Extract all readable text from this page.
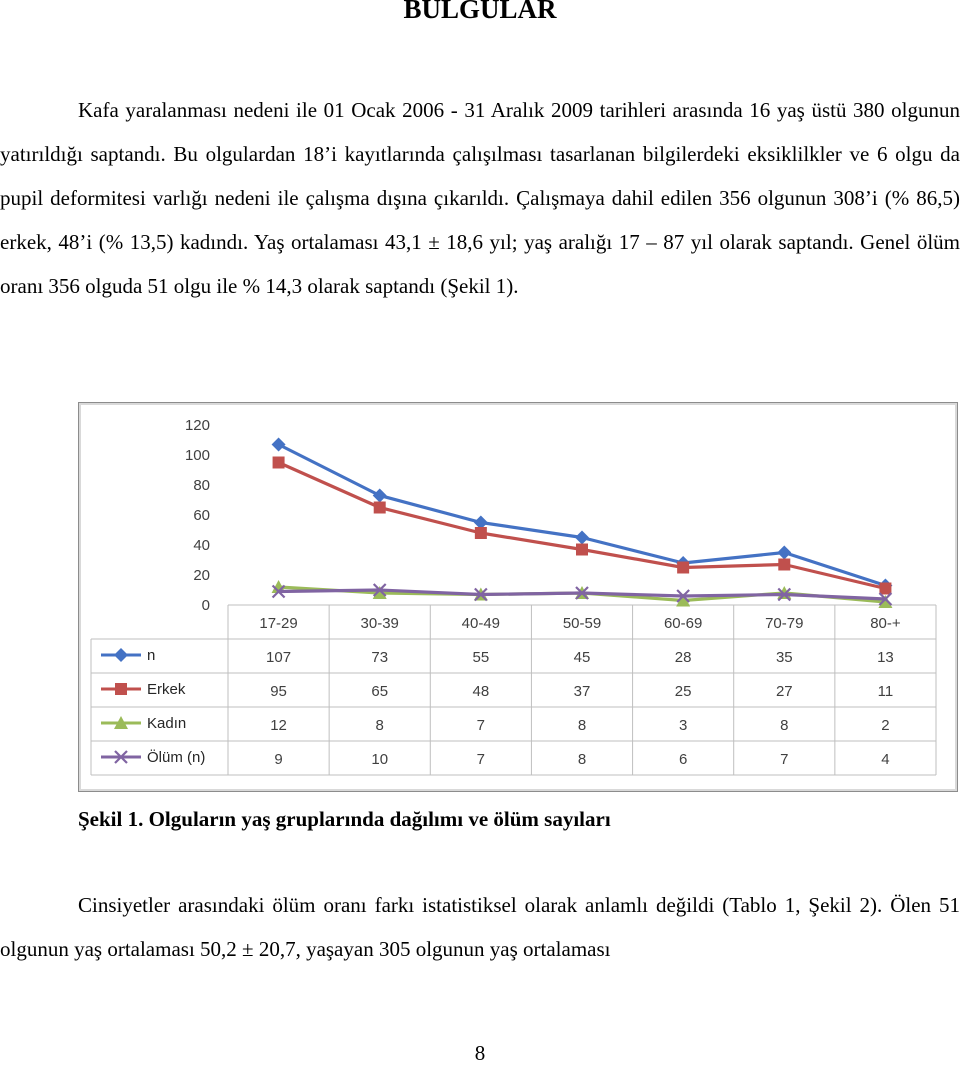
BULGULAR

Kafa yaralanması nedeni ile 01 Ocak 2006 - 31 Aralık 2009 tarihleri arasında 16 yaş üstü 380 olgunun yatırıldığı saptandı. Bu olgulardan 18’i kayıtlarında çalışılması tasarlanan bilgilerdeki eksiklilkler ve 6 olgu da pupil deformitesi varlığı nedeni ile çalışma dışına çıkarıldı. Çalışmaya dahil edilen 356 olgunun 308’i (% 86,5) erkek, 48’i (% 13,5) kadındı. Yaş ortalaması 43,1 ± 18,6 yıl; yaş aralığı 17 – 87 yıl olarak saptandı. Genel ölüm oranı 356 olguda 51 olgu ile % 14,3 olarak saptandı (Şekil 1).

0
20
40
60
80
100
120
17-29	30-39	40-49	50-59	60-69	70-79	80-+
n	107	73	55	45	28	35	13
Erkek	95	65	48	37	25	27	11
Kadın	12	8	7	8	3	8	2
Ölüm (n)	9	10	7	8	6	7	4

Şekil 1. Olguların yaş gruplarında dağılımı ve ölüm sayıları

Cinsiyetler arasındaki ölüm oranı farkı istatistiksel olarak anlamlı değildi (Tablo 1, Şekil 2). Ölen 51 olgunun yaş ortalaması 50,2 ± 20,7, yaşayan 305 olgunun yaş ortalaması

8
